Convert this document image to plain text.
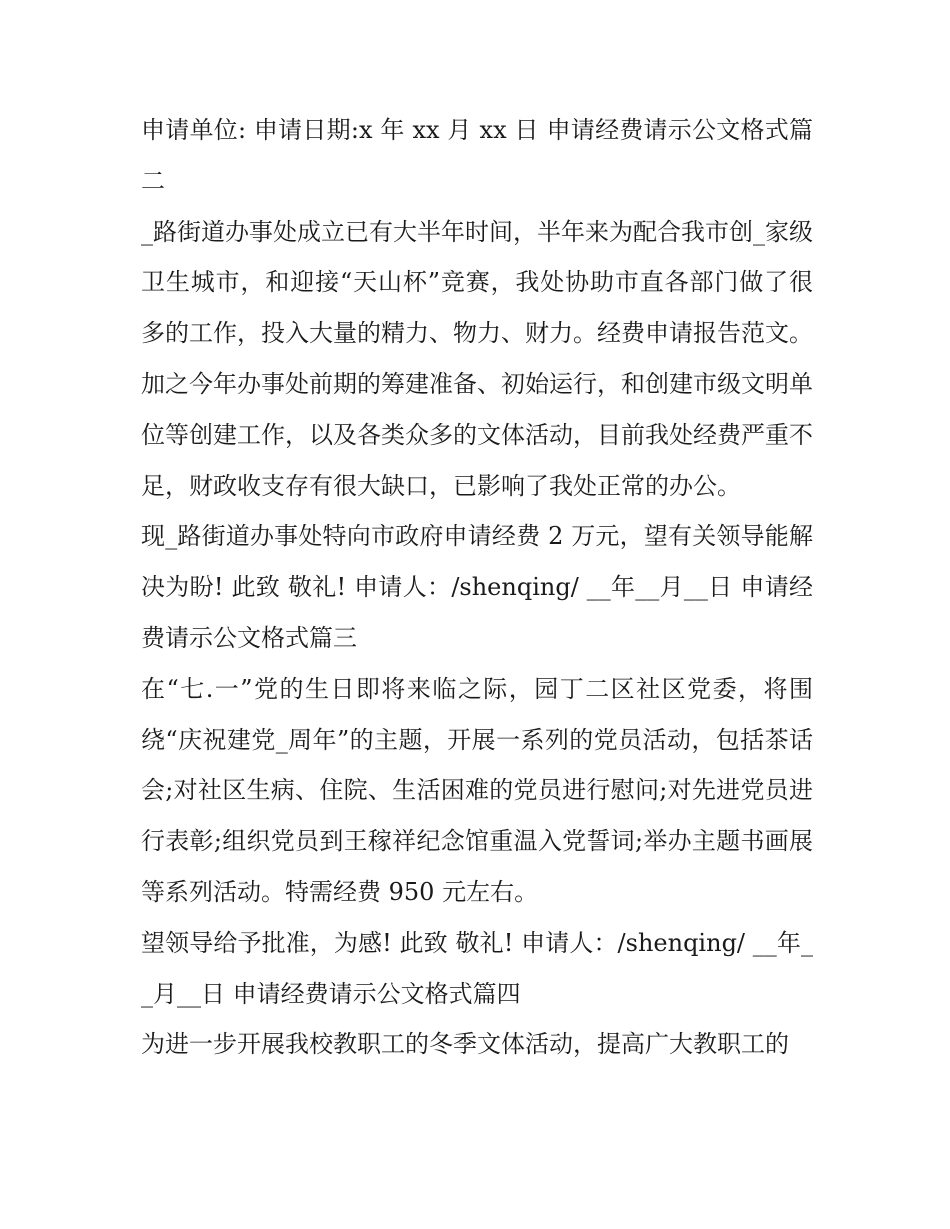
申请单位: 申请日期:x 年 xx 月 xx 日 申请经费请示公文格式篇二

_路街道办事处成立已有大半年时间，半年来为配合我市创_家级卫生城市，和迎接“天山杯”竞赛，我处协助市直各部门做了很多的工作，投入大量的精力、物力、财力。经费申请报告范文。加之今年办事处前期的筹建准备、初始运行，和创建市级文明单位等创建工作，以及各类众多的文体活动，目前我处经费严重不足，财政收支存有很大缺口，已影响了我处正常的办公。

现_路街道办事处特向市政府申请经费 2 万元，望有关领导能解决为盼! 此致 敬礼! 申请人：/shenqing/ __年__月__日 申请经费请示公文格式篇三

在“七.一”党的生日即将来临之际，园丁二区社区党委，将围绕“庆祝建党_周年”的主题，开展一系列的党员活动，包括茶话会;对社区生病、住院、生活困难的党员进行慰问;对先进党员进行表彰;组织党员到王稼祥纪念馆重温入党誓词;举办主题书画展等系列活动。特需经费 950 元左右。

望领导给予批准，为感! 此致 敬礼! 申请人：/shenqing/ __年__月__日 申请经费请示公文格式篇四

为进一步开展我校教职工的冬季文体活动，提高广大教职工的
